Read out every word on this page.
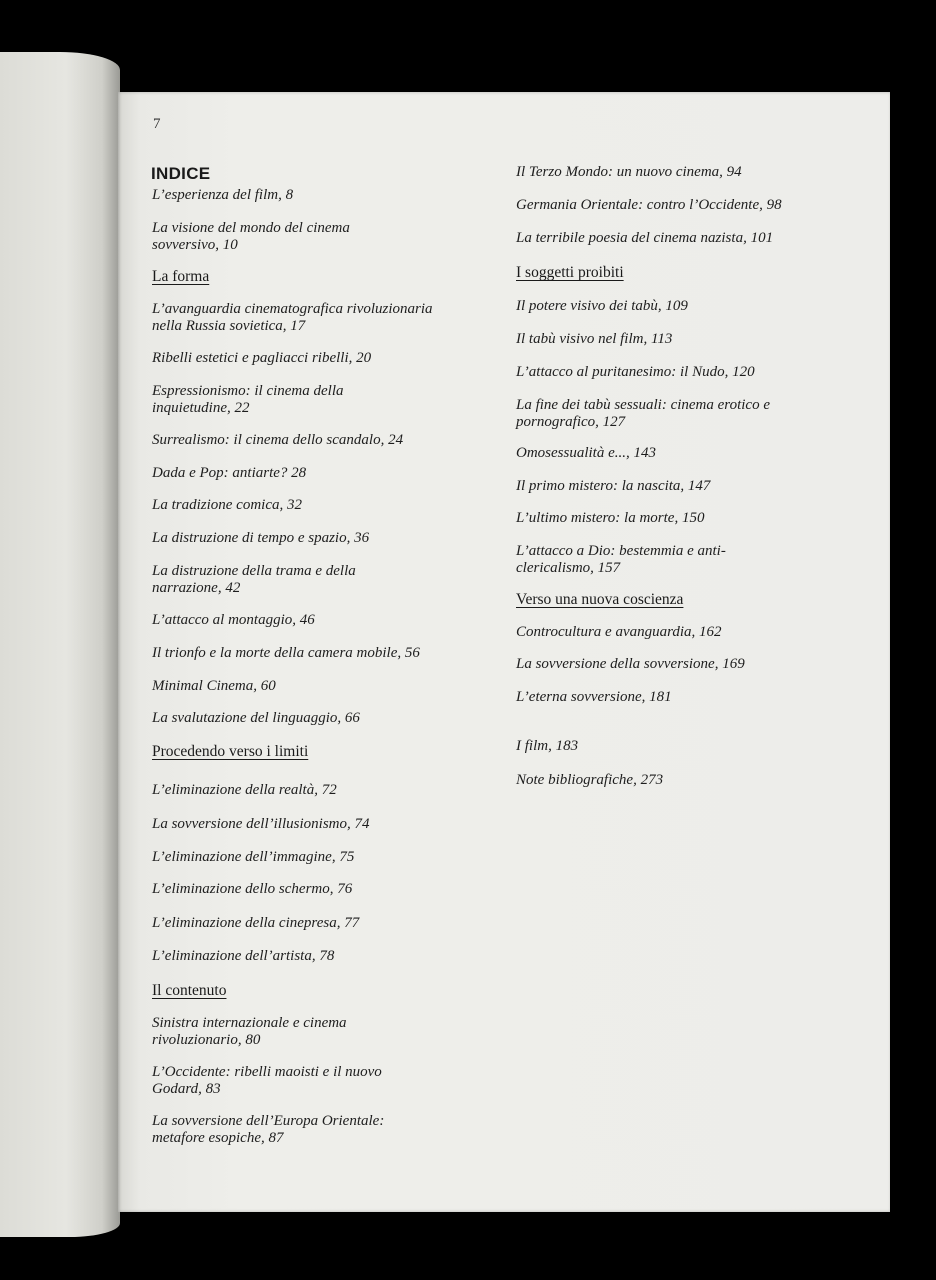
7
INDICE
L’esperienza del film, 8
La visione del mondo del cinema
sovversivo, 10
La forma
L’avanguardia cinematografica rivoluzionaria
nella Russia sovietica, 17
Ribelli estetici e pagliacci ribelli, 20
Espressionismo: il cinema della
inquietudine, 22
Surrealismo: il cinema dello scandalo, 24
Dada e Pop: antiarte? 28
La tradizione comica, 32
La distruzione di tempo e spazio, 36
La distruzione della trama e della
narrazione, 42
L’attacco al montaggio, 46
Il trionfo e la morte della camera mobile, 56
Minimal Cinema, 60
La svalutazione del linguaggio, 66
Procedendo verso i limiti
L’eliminazione della realtà, 72
La sovversione dell’illusionismo, 74
L’eliminazione dell’immagine, 75
L’eliminazione dello schermo, 76
L’eliminazione della cinepresa, 77
L’eliminazione dell’artista, 78
Il contenuto
Sinistra internazionale e cinema
rivoluzionario, 80
L’Occidente: ribelli maoisti e il nuovo
Godard, 83
La sovversione dell’Europa Orientale:
metafore esopiche, 87
Il Terzo Mondo: un nuovo cinema, 94
Germania Orientale: contro l’Occidente, 98
La terribile poesia del cinema nazista, 101
I soggetti proibiti
Il potere visivo dei tabù, 109
Il tabù visivo nel film, 113
L’attacco al puritanesimo: il Nudo, 120
La fine dei tabù sessuali: cinema erotico e
pornografico, 127
Omosessualità e..., 143
Il primo mistero: la nascita, 147
L’ultimo mistero: la morte, 150
L’attacco a Dio: bestemmia e anti-
clericalismo, 157
Verso una nuova coscienza
Controcultura e avanguardia, 162
La sovversione della sovversione, 169
L’eterna sovversione, 181
I film, 183
Note bibliografiche, 273
